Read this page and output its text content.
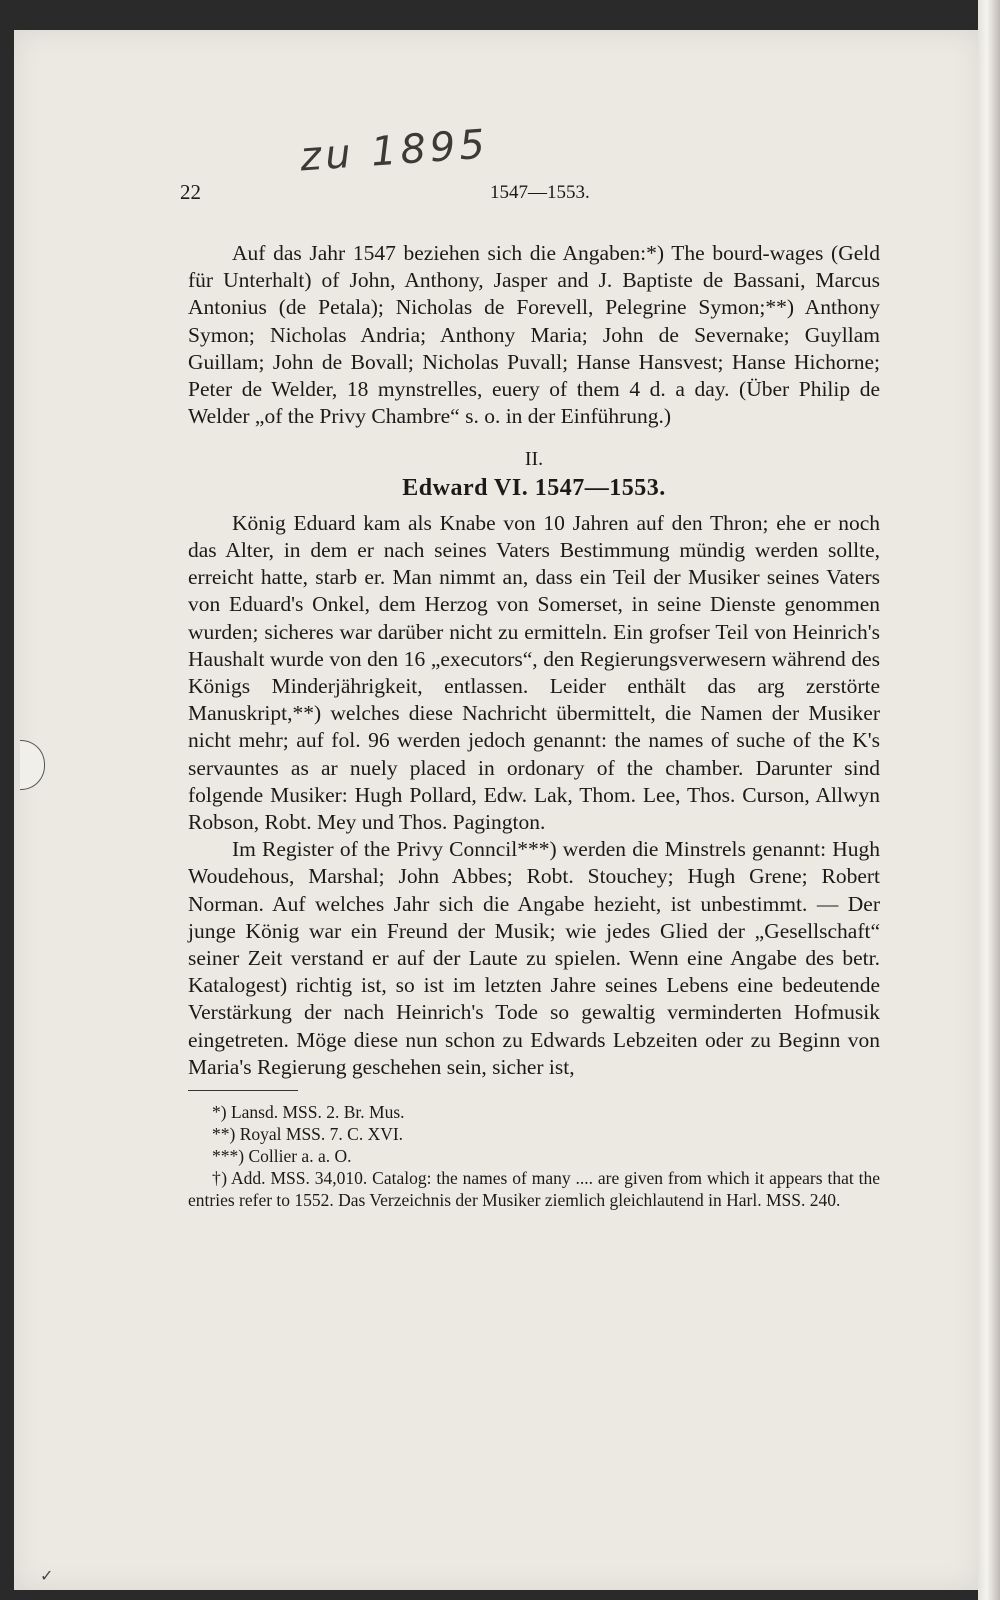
zu 1895
22	1547—1553.

Auf das Jahr 1547 beziehen sich die Angaben:*) The bourd-wages (Geld für Unterhalt) of John, Anthony, Jasper and J. Baptiste de Bassani, Marcus Antonius (de Petala); Nicholas de Forevell, Pelegrine Symon;**) Anthony Symon; Nicholas Andria; Anthony Maria; John de Severnake; Guyllam Guillam; John de Bovall; Nicholas Puvall; Hanse Hansvest; Hanse Hichorne; Peter de Welder, 18 mynstrelles, euery of them 4 d. a day. (Über Philip de Welder „of the Privy Chambre“ s. o. in der Einführung.)

II.
Edward VI. 1547—1553.

König Eduard kam als Knabe von 10 Jahren auf den Thron; ehe er noch das Alter, in dem er nach seines Vaters Bestimmung mündig werden sollte, erreicht hatte, starb er. Man nimmt an, dass ein Teil der Musiker seines Vaters von Eduard's Onkel, dem Herzog von Somerset, in seine Dienste genommen wurden; sicheres war darüber nicht zu ermitteln. Ein grofser Teil von Heinrich's Haushalt wurde von den 16 „executors“, den Regierungsverwesern während des Königs Minderjährigkeit, entlassen. Leider enthält das arg zerstörte Manuskript,**) welches diese Nachricht übermittelt, die Namen der Musiker nicht mehr; auf fol. 96 werden jedoch genannt: the names of suche of the K's servauntes as ar nuely placed in ordonary of the chamber. Darunter sind folgende Musiker: Hugh Pollard, Edw. Lak, Thom. Lee, Thos. Curson, Allwyn Robson, Robt. Mey und Thos. Pagington.

Im Register of the Privy Conncil***) werden die Minstrels genannt: Hugh Woudehous, Marshal; John Abbes; Robt. Stouchey; Hugh Grene; Robert Norman. Auf welches Jahr sich die Angabe hezieht, ist unbestimmt. — Der junge König war ein Freund der Musik; wie jedes Glied der „Gesellschaft“ seiner Zeit verstand er auf der Laute zu spielen. Wenn eine Angabe des betr. Katalogest) richtig ist, so ist im letzten Jahre seines Lebens eine bedeutende Verstärkung der nach Heinrich's Tode so gewaltig verminderten Hofmusik eingetreten. Möge diese nun schon zu Edwards Lebzeiten oder zu Beginn von Maria's Regierung geschehen sein, sicher ist,

*) Lansd. MSS. 2. Br. Mus.
**) Royal MSS. 7. C. XVI.
***) Collier a. a. O.
†) Add. MSS. 34,010. Catalog: the names of many .... are given from which it appears that the entries refer to 1552. Das Verzeichnis der Musiker ziemlich gleichlautend in Harl. MSS. 240.
✓
